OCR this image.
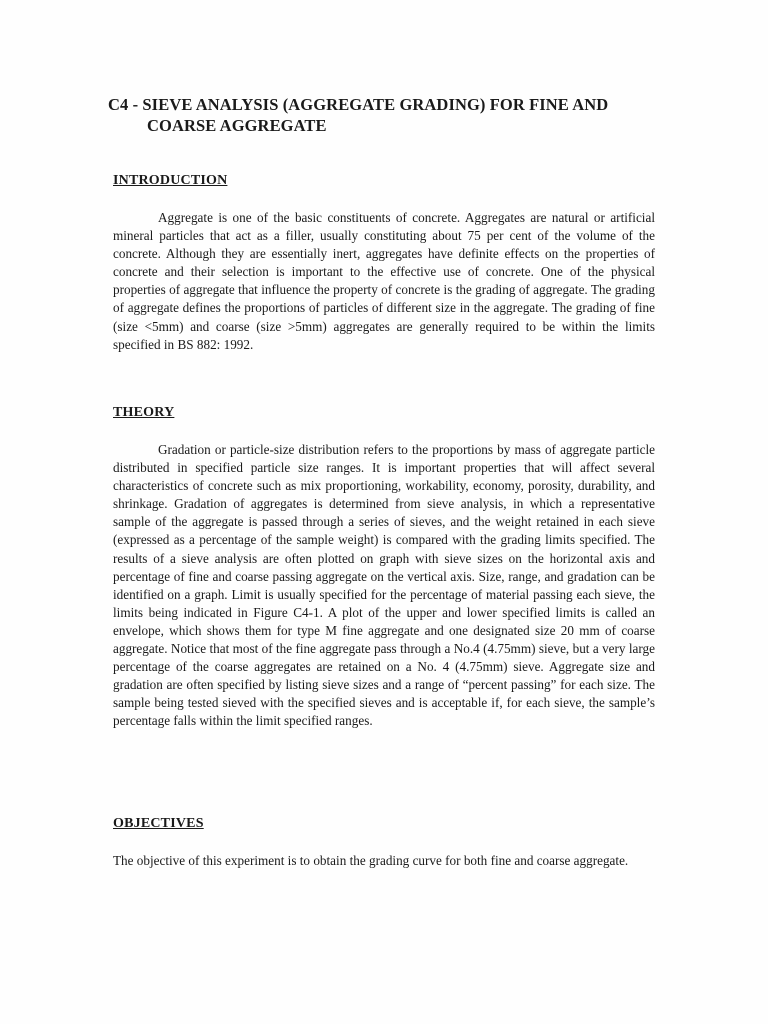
C4 - SIEVE ANALYSIS (AGGREGATE GRADING) FOR FINE AND
COARSE AGGREGATE
INTRODUCTION

Aggregate is one of the basic constituents of concrete. Aggregates are natural or artificial mineral particles that act as a filler, usually constituting about 75 per cent of the volume of the concrete. Although they are essentially inert, aggregates have definite effects on the properties of concrete and their selection is important to the effective use of concrete. One of the physical properties of aggregate that influence the property of concrete is the grading of aggregate. The grading of aggregate defines the proportions of particles of different size in the aggregate. The grading of fine (size <5mm) and coarse (size >5mm) aggregates are generally required to be within the limits specified in BS 882: 1992.

THEORY

Gradation or particle-size distribution refers to the proportions by mass of aggregate particle distributed in specified particle size ranges. It is important properties that will affect several characteristics of concrete such as mix proportioning, workability, economy, porosity, durability, and shrinkage. Gradation of aggregates is determined from sieve analysis, in which a representative sample of the aggregate is passed through a series of sieves, and the weight retained in each sieve (expressed as a percentage of the sample weight) is compared with the grading limits specified. The results of a sieve analysis are often plotted on graph with sieve sizes on the horizontal axis and percentage of fine and coarse passing aggregate on the vertical axis. Size, range, and gradation can be identified on a graph. Limit is usually specified for the percentage of material passing each sieve, the limits being indicated in Figure C4-1. A plot of the upper and lower specified limits is called an envelope, which shows them for type M fine aggregate and one designated size 20 mm of coarse aggregate. Notice that most of the fine aggregate pass through a No.4 (4.75mm) sieve, but a very large percentage of the coarse aggregates are retained on a No. 4 (4.75mm) sieve. Aggregate size and gradation are often specified by listing sieve sizes and a range of “percent passing” for each size. The sample being tested sieved with the specified sieves and is acceptable if, for each sieve, the sample’s percentage falls within the limit specified ranges.

OBJECTIVES

The objective of this experiment is to obtain the grading curve for both fine and coarse aggregate.
